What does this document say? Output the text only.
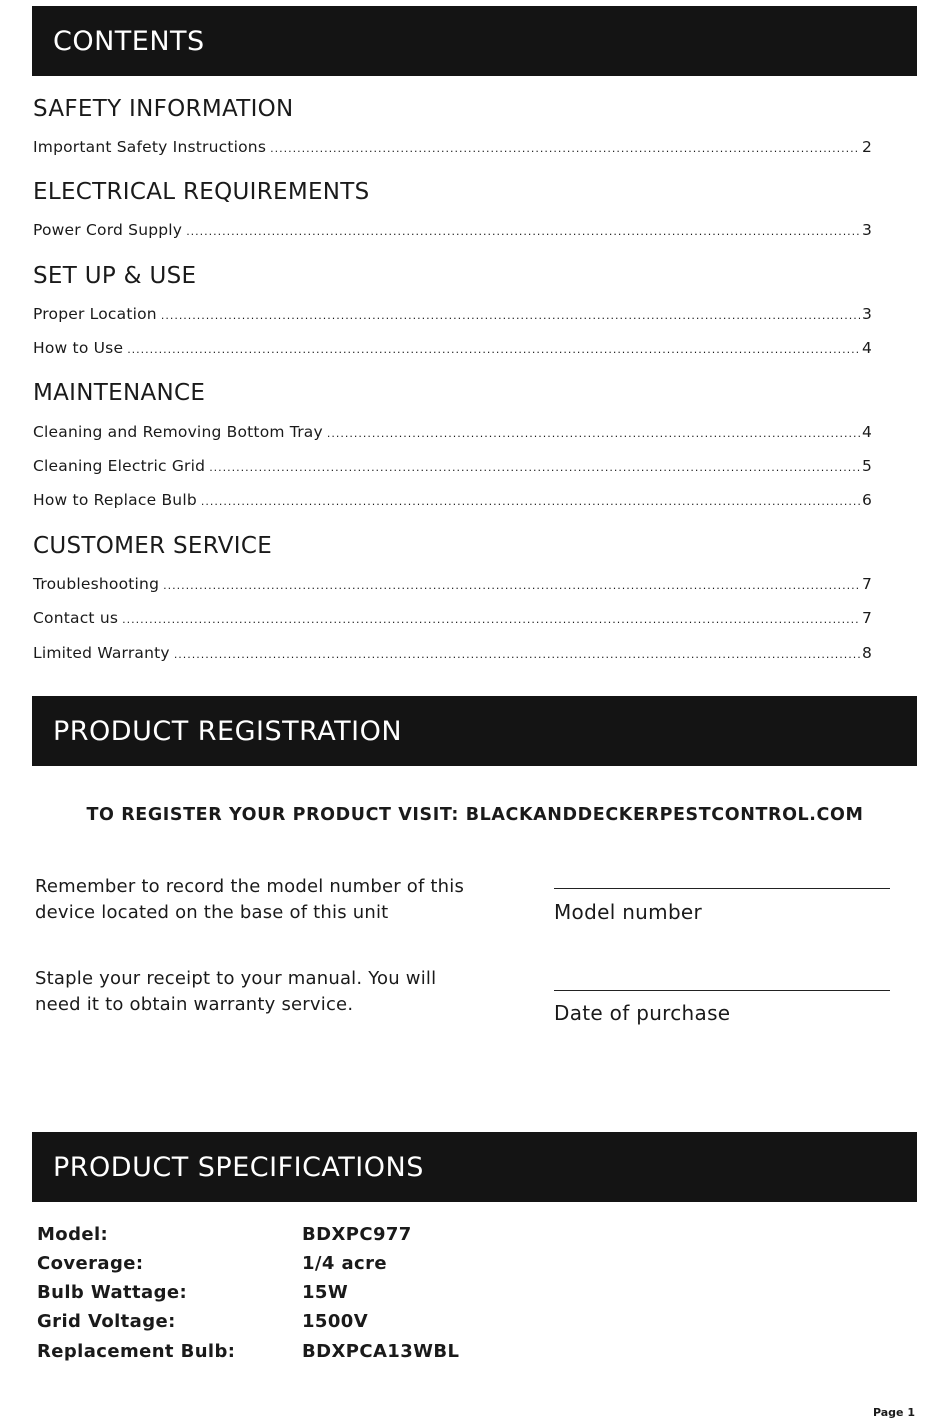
CONTENTS
SAFETY INFORMATION
Important Safety Instructions .....	2
ELECTRICAL REQUIREMENTS
Power Cord Supply .....	3
SET UP & USE
Proper Location .....	3
How to Use .....	4
MAINTENANCE
Cleaning and Removing Bottom Tray .....	4
Cleaning Electric Grid .....	5
How to Replace Bulb .....	6
CUSTOMER SERVICE
Troubleshooting .....	7
Contact us .....	7
Limited Warranty .....	8
PRODUCT REGISTRATION
TO REGISTER YOUR PRODUCT VISIT: BLACKANDDECKERPESTCONTROL.COM
Remember to record the model number of this device located on the base of this unit
Staple your receipt to your manual. You will need it to obtain warranty service.
Model number
Date of purchase
PRODUCT SPECIFICATIONS
Model:	BDXPC977
Coverage:	1/4 acre
Bulb Wattage:	15W
Grid Voltage:	1500V
Replacement Bulb:	BDXPCA13WBL
Page 1
